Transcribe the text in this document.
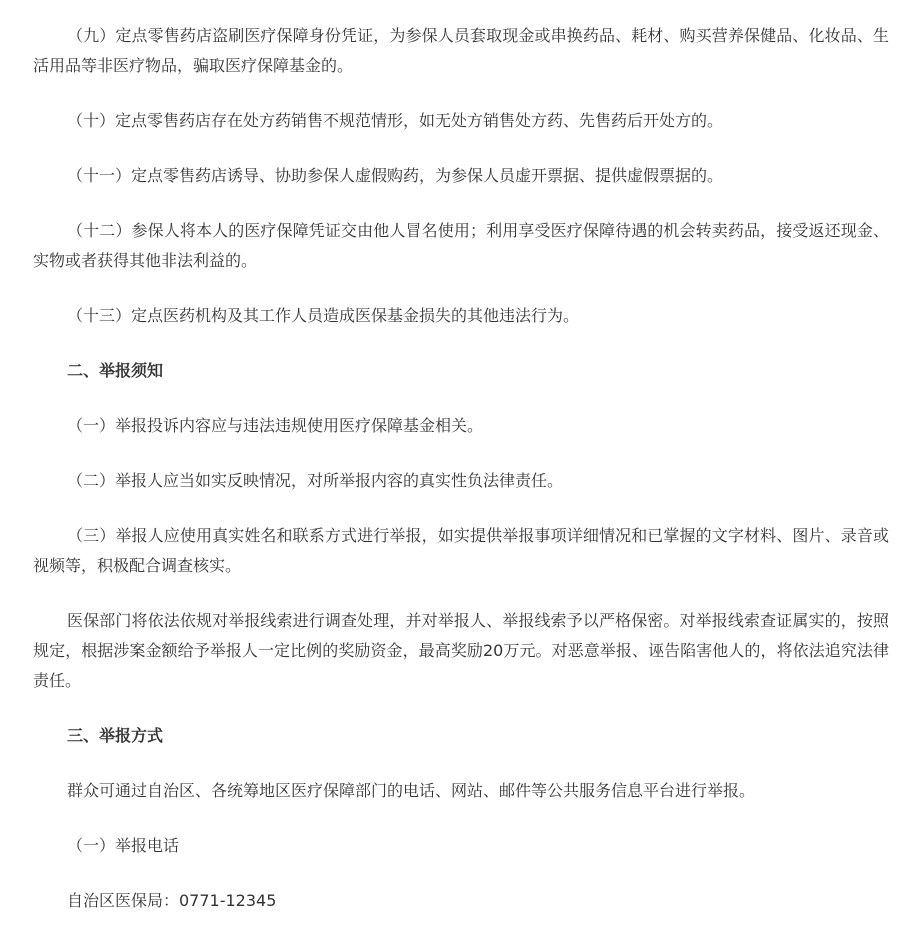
（九）定点零售药店盗刷医疗保障身份凭证，为参保人员套取现金或串换药品、耗材、购买营养保健品、化妆品、生活用品等非医疗物品，骗取医疗保障基金的。

（十）定点零售药店存在处方药销售不规范情形，如无处方销售处方药、先售药后开处方的。

（十一）定点零售药店诱导、协助参保人虚假购药，为参保人员虚开票据、提供虚假票据的。

（十二）参保人将本人的医疗保障凭证交由他人冒名使用；利用享受医疗保障待遇的机会转卖药品，接受返还现金、实物或者获得其他非法利益的。

（十三）定点医药机构及其工作人员造成医保基金损失的其他违法行为。

二、举报须知

（一）举报投诉内容应与违法违规使用医疗保障基金相关。

（二）举报人应当如实反映情况，对所举报内容的真实性负法律责任。

（三）举报人应使用真实姓名和联系方式进行举报，如实提供举报事项详细情况和已掌握的文字材料、图片、录音或视频等，积极配合调查核实。

医保部门将依法依规对举报线索进行调查处理，并对举报人、举报线索予以严格保密。对举报线索查证属实的，按照规定，根据涉案金额给予举报人一定比例的奖励资金，最高奖励20万元。对恶意举报、诬告陷害他人的，将依法追究法律责任。

三、举报方式

群众可通过自治区、各统筹地区医疗保障部门的电话、网站、邮件等公共服务信息平台进行举报。

（一）举报电话

自治区医保局：0771-12345
